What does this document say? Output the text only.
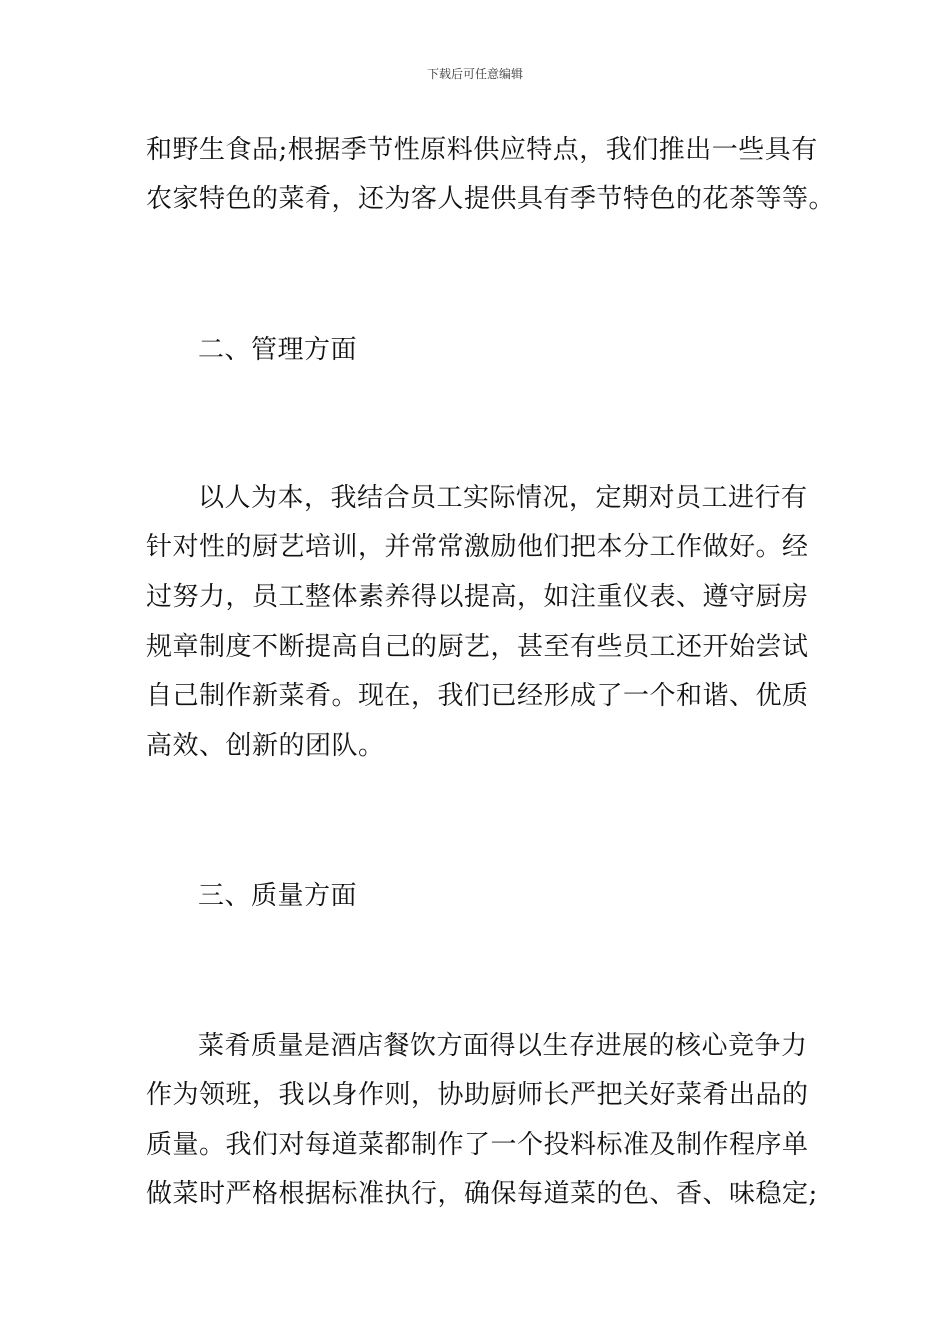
下载后可任意编辑
和野生食品;根据季节性原料供应特点，我们推出一些具有
农家特色的菜肴，还为客人提供具有季节特色的花茶等等。
二、管理方面
以人为本，我结合员工实际情况，定期对员工进行有
针对性的厨艺培训，并常常激励他们把本分工作做好。经
过努力，员工整体素养得以提高，如注重仪表、遵守厨房
规章制度不断提高自己的厨艺，甚至有些员工还开始尝试
自己制作新菜肴。现在，我们已经形成了一个和谐、优质
高效、创新的团队。
三、质量方面
菜肴质量是酒店餐饮方面得以生存进展的核心竞争力
作为领班，我以身作则，协助厨师长严把关好菜肴出品的
质量。我们对每道菜都制作了一个投料标准及制作程序单
做菜时严格根据标准执行，确保每道菜的色、香、味稳定;
